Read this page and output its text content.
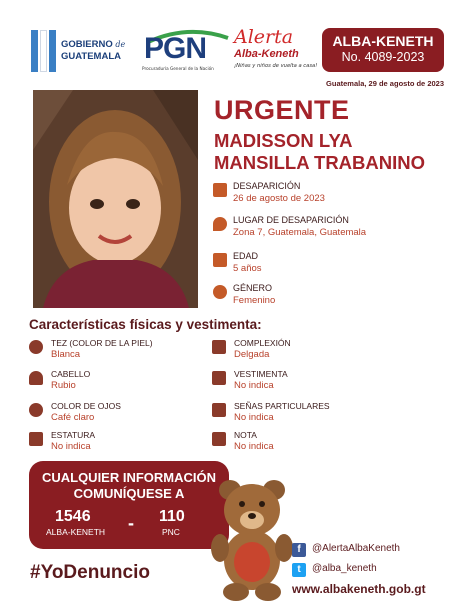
GOBIERNO de
GUATEMALA PGN
Procuraduría General de la Nación
Alerta
Alba-Keneth
¡Niñas y niños de vuelta a casa!
ALBA-KENETH
No. 4089-2023
Guatemala, 29 de agosto de 2023
URGENTE
MADISSON LYA
MANSILLA TRABANINO
DESAPARICIÓN
26 de agosto de 2023
LUGAR DE DESAPARICIÓN
Zona 7, Guatemala, Guatemala
EDAD
5 años
GÉNERO
Femenino
Características físicas y vestimenta:
TEZ (COLOR DE LA PIEL)
Blanca
COMPLEXIÓN
Delgada
CABELLO
Rubio
VESTIMENTA
No indica
COLOR DE OJOS
Café claro
SEÑAS PARTICULARES
No indica
ESTATURA
No indica
NOTA
No indica
CUALQUIER INFORMACIÓN
COMUNÍQUESE A
1546
ALBA-KENETH - 110
PNC
#YoDenuncio
f	@AlertaAlbaKeneth
t	@alba_keneth
www.albakeneth.gob.gt
